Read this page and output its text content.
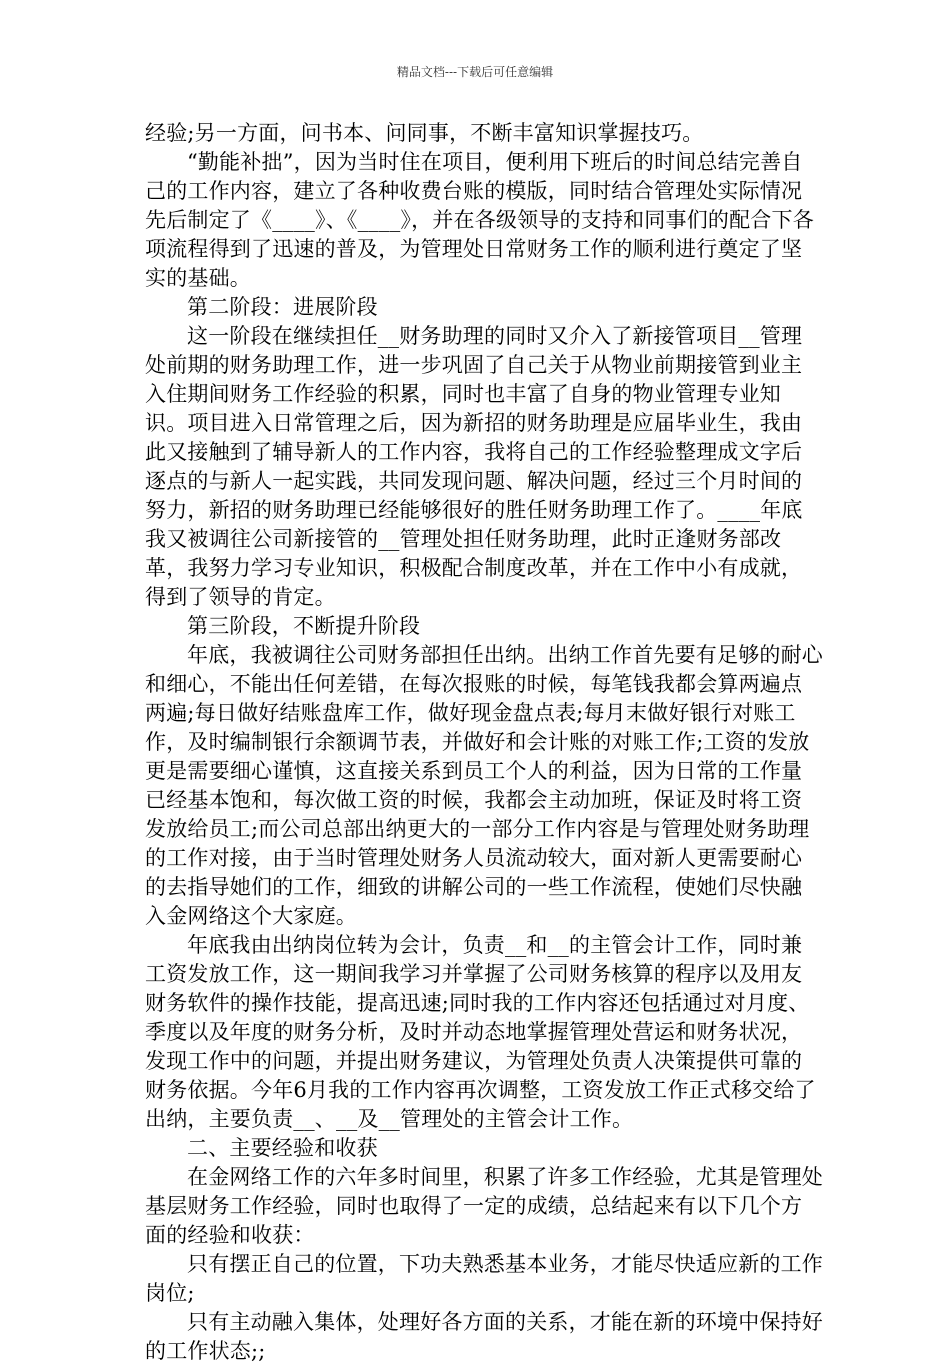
精品文档---下载后可任意编辑

经验;另一方面，问书本、问同事，不断丰富知识掌握技巧。

“勤能补拙”，因为当时住在项目，便利用下班后的时间总结完善自己的工作内容，建立了各种收费台账的模版，同时结合管理处实际情况先后制定了《____》、《____》，并在各级领导的支持和同事们的配合下各项流程得到了迅速的普及，为管理处日常财务工作的顺利进行奠定了坚实的基础。

第二阶段：进展阶段

这一阶段在继续担任__财务助理的同时又介入了新接管项目__管理处前期的财务助理工作，进一步巩固了自己关于从物业前期接管到业主入住期间财务工作经验的积累，同时也丰富了自身的物业管理专业知识。项目进入日常管理之后，因为新招的财务助理是应届毕业生，我由此又接触到了辅导新人的工作内容，我将自己的工作经验整理成文字后逐点的与新人一起实践，共同发现问题、解决问题，经过三个月时间的努力，新招的财务助理已经能够很好的胜任财务助理工作了。____年底我又被调往公司新接管的__管理处担任财务助理，此时正逢财务部改革，我努力学习专业知识，积极配合制度改革，并在工作中小有成就，得到了领导的肯定。

第三阶段，不断提升阶段

年底，我被调往公司财务部担任出纳。出纳工作首先要有足够的耐心和细心，不能出任何差错，在每次报账的时候，每笔钱我都会算两遍点两遍;每日做好结账盘库工作，做好现金盘点表;每月末做好银行对账工作，及时编制银行余额调节表，并做好和会计账的对账工作;工资的发放更是需要细心谨慎，这直接关系到员工个人的利益，因为日常的工作量已经基本饱和，每次做工资的时候，我都会主动加班，保证及时将工资发放给员工;而公司总部出纳更大的一部分工作内容是与管理处财务助理的工作对接，由于当时管理处财务人员流动较大，面对新人更需要耐心的去指导她们的工作，细致的讲解公司的一些工作流程，使她们尽快融入金网络这个大家庭。

年底我由出纳岗位转为会计，负责__和__的主管会计工作，同时兼工资发放工作，这一期间我学习并掌握了公司财务核算的程序以及用友财务软件的操作技能，提高迅速;同时我的工作内容还包括通过对月度、季度以及年度的财务分析，及时并动态地掌握管理处营运和财务状况，发现工作中的问题，并提出财务建议，为管理处负责人决策提供可靠的财务依据。今年6月我的工作内容再次调整，工资发放工作正式移交给了出纳，主要负责__、__及__管理处的主管会计工作。

二、主要经验和收获

在金网络工作的六年多时间里，积累了许多工作经验，尤其是管理处基层财务工作经验，同时也取得了一定的成绩，总结起来有以下几个方面的经验和收获：

只有摆正自己的位置，下功夫熟悉基本业务，才能尽快适应新的工作岗位;

只有主动融入集体，处理好各方面的关系，才能在新的环境中保持好的工作状态;;
